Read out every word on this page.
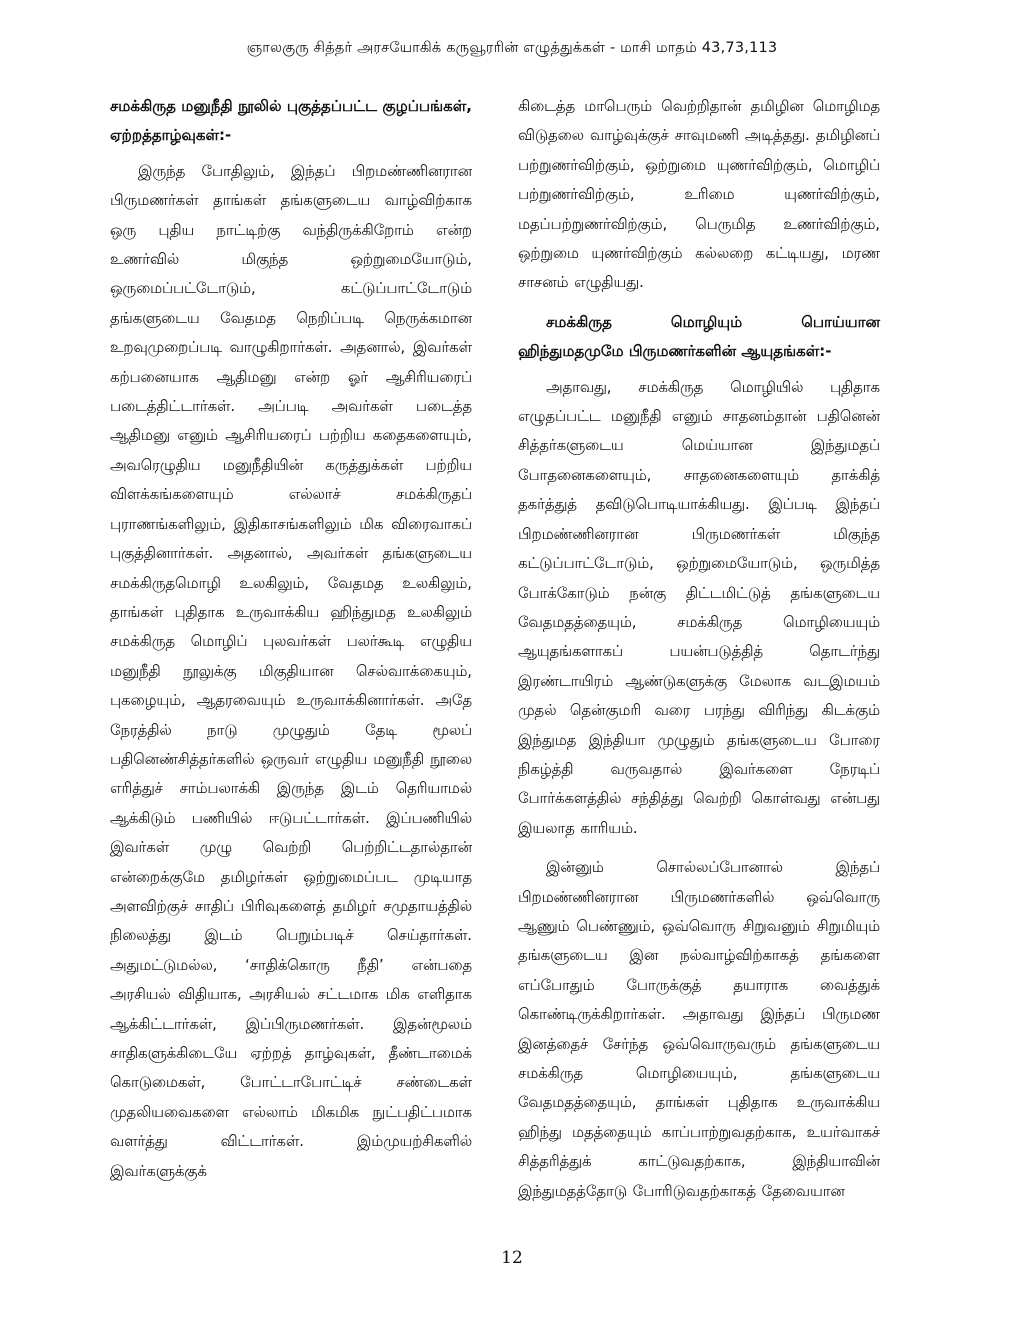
ஞாலகுரு சித்தர் அரசயோகிக் கருவூரரின் எழுத்துக்கள் - மாசி மாதம் 43,73,113
சமக்கிருத மனுநீதி நூலில் புகுத்தப்பட்ட குழப்பங்கள், ஏற்றத்தாழ்வுகள்:-

இருந்த போதிலும், இந்தப் பிறமண்ணினரான பிருமணர்கள் தாங்கள் தங்களுடைய வாழ்விற்காக ஒரு புதிய நாட்டிற்கு வந்திருக்கிறோம் என்ற உணர்வில் மிகுந்த ஒற்றுமையோடும், ஒருமைப்பட்டோடும், கட்டுப்பாட்டோடும் தங்களுடைய வேதமத நெறிப்படி நெருக்கமான உறவுமுறைப்படி வாழுகிறார்கள். அதனால், இவர்கள் கற்பனையாக ஆதிமனு என்ற ஓர் ஆசிரியரைப் படைத்திட்டார்கள். அப்படி அவர்கள் படைத்த ஆதிமனு எனும் ஆசிரியரைப் பற்றிய கதைகளையும், அவரெழுதிய மனுநீதியின் கருத்துக்கள் பற்றிய விளக்கங்களையும் எல்லாச் சமக்கிருதப் புராணங்களிலும், இதிகாசங்களிலும் மிக விரைவாகப் புகுத்தினார்கள். அதனால், அவர்கள் தங்களுடைய சமக்கிருதமொழி உலகிலும், வேதமத உலகிலும், தாங்கள் புதிதாக உருவாக்கிய ஹிந்துமத உலகிலும் சமக்கிருத மொழிப் புலவர்கள் பலர்கூடி எழுதிய மனுநீதி நூலுக்கு மிகுதியான செல்வாக்கையும், புகழையும், ஆதரவையும் உருவாக்கினார்கள். அதே நேரத்தில் நாடு முழுதும் தேடி மூலப் பதினெண்சித்தர்களில் ஒருவர் எழுதிய மனுநீதி நூலை எரித்துச் சாம்பலாக்கி இருந்த இடம் தெரியாமல் ஆக்கிடும் பணியில் ஈடுபட்டார்கள். இப்பணியில் இவர்கள் முழு வெற்றி பெற்றிட்டதால்தான் என்றைக்குமே தமிழர்கள் ஒற்றுமைப்பட முடியாத அளவிற்குச் சாதிப் பிரிவுகளைத் தமிழர் சமுதாயத்தில் நிலைத்து இடம் பெறும்படிச் செய்தார்கள். அதுமட்டுமல்ல, ‘சாதிக்கொரு நீதி’ என்பதை அரசியல் விதியாக, அரசியல் சட்டமாக மிக எளிதாக ஆக்கிட்டார்கள், இப்பிருமணர்கள். இதன்மூலம் சாதிகளுக்கிடையே ஏற்றத் தாழ்வுகள், தீண்டாமைக் கொடுமைகள், போட்டாபோட்டிச் சண்டைகள் முதலியவைகளை எல்லாம் மிகமிக நுட்பதிட்பமாக வளர்த்து விட்டார்கள். இம்முயற்சிகளில் இவர்களுக்குக்

கிடைத்த மாபெரும் வெற்றிதான் தமிழின மொழிமத விடுதலை வாழ்வுக்குச் சாவுமணி அடித்தது. தமிழினப் பற்றுணர்விற்கும், ஒற்றுமை யுணர்விற்கும், மொழிப் பற்றுணர்விற்கும், உரிமை யுணர்விற்கும், மதப்பற்றுணர்விற்கும், பெருமித உணர்விற்கும், ஒற்றுமை யுணர்விற்கும் கல்லறை கட்டியது, மரண சாசனம் எழுதியது.

சமக்கிருத மொழியும் பொய்யான ஹிந்துமதமுமே பிருமணர்களின் ஆயுதங்கள்:-

அதாவது, சமக்கிருத மொழியில் புதிதாக எழுதப்பட்ட மனுநீதி எனும் சாதனம்தான் பதினென் சித்தர்களுடைய மெய்யான இந்துமதப் போதனைகளையும், சாதனைகளையும் தாக்கித் தகர்த்துத் தவிடுபொடியாக்கியது. இப்படி இந்தப் பிறமண்ணினரான பிருமணர்கள் மிகுந்த கட்டுப்பாட்டோடும், ஒற்றுமையோடும், ஒருமித்த போக்கோடும் நன்கு திட்டமிட்டுத் தங்களுடைய வேதமதத்தையும், சமக்கிருத மொழியையும் ஆயுதங்களாகப் பயன்படுத்தித் தொடர்ந்து இரண்டாயிரம் ஆண்டுகளுக்கு மேலாக வடஇமயம் முதல் தென்குமரி வரை பரந்து விரிந்து கிடக்கும் இந்துமத இந்தியா முழுதும் தங்களுடைய போரை நிகழ்த்தி வருவதால் இவர்களை நேரடிப் போர்க்களத்தில் சந்தித்து வெற்றி கொள்வது என்பது இயலாத காரியம்.

இன்னும் சொல்லப்போனால் இந்தப் பிறமண்ணினரான பிருமணர்களில் ஒவ்வொரு ஆணும் பெண்ணும், ஒவ்வொரு சிறுவனும் சிறுமியும் தங்களுடைய இன நல்வாழ்விற்காகத் தங்களை எப்போதும் போருக்குத் தயாராக வைத்துக் கொண்டிருக்கிறார்கள். அதாவது இந்தப் பிருமண இனத்தைச் சேர்ந்த ஒவ்வொருவரும் தங்களுடைய சமக்கிருத மொழியையும், தங்களுடைய வேதமதத்தையும், தாங்கள் புதிதாக உருவாக்கிய ஹிந்து மதத்தையும் காப்பாற்றுவதற்காக, உயர்வாகச் சித்தரித்துக் காட்டுவதற்காக, இந்தியாவின் இந்துமதத்தோடு போரிடுவதற்காகத் தேவையான

12
